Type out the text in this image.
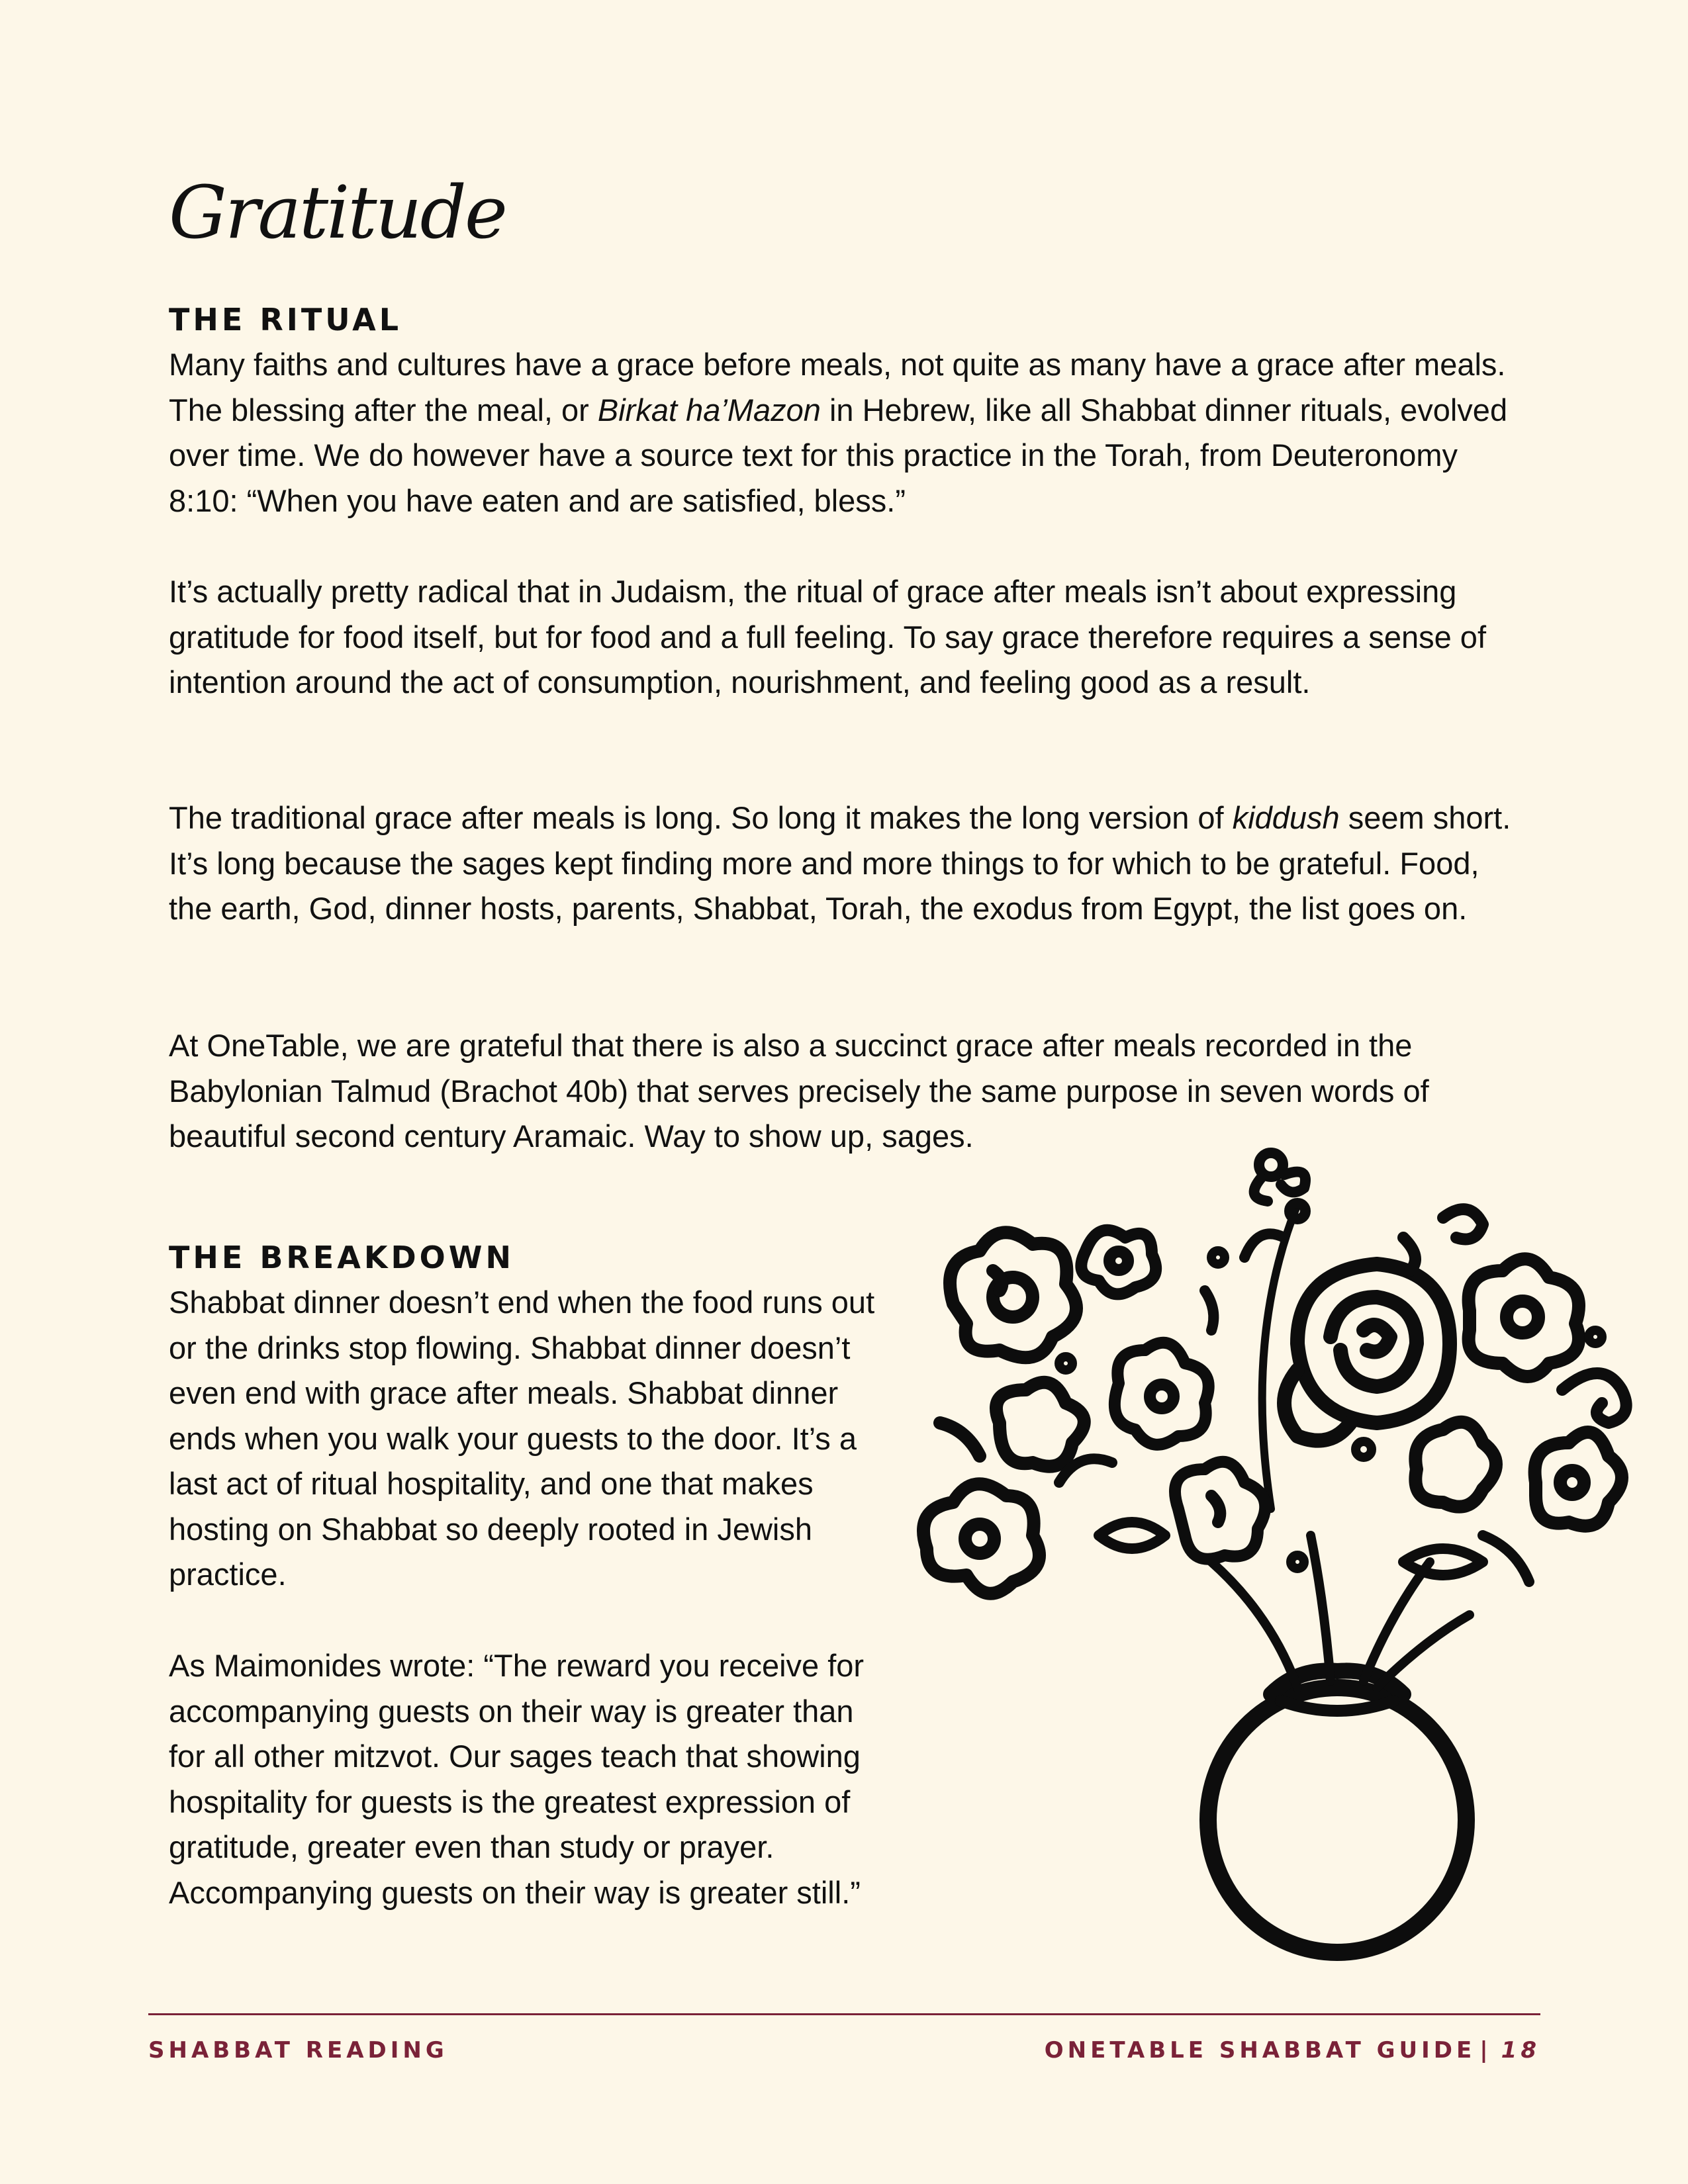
Gratitude
THE RITUAL

Many faiths and cultures have a grace before meals, not quite as many have a grace after meals. The blessing after the meal, or Birkat ha’Mazon in Hebrew, like all Shabbat dinner rituals, evolved over time. We do however have a source text for this practice in the Torah, from Deuteronomy 8:10: “When you have eaten and are satisfied, bless.”

It’s actually pretty radical that in Judaism, the ritual of grace after meals isn’t about expressing gratitude for food itself, but for food and a full feeling. To say grace therefore requires a sense of intention around the act of consumption, nourishment, and feeling good as a result.

The traditional grace after meals is long. So long it makes the long version of kiddush seem short. It’s long because the sages kept finding more and more things to for which to be grateful. Food, the earth, God, dinner hosts, parents, Shabbat, Torah, the exodus from Egypt, the list goes on.

At OneTable, we are grateful that there is also a succinct grace after meals recorded in the Babylonian Talmud (Brachot 40b) that serves precisely the same purpose in seven words of beautiful second century Aramaic. Way to show up, sages.

THE BREAKDOWN

Shabbat dinner doesn’t end when the food runs out or the drinks stop flowing. Shabbat dinner doesn’t even end with grace after meals. Shabbat dinner ends when you walk your guests to the door. It’s a last act of ritual hospitality, and one that makes hosting on Shabbat so deeply rooted in Jewish practice.

As Maimonides wrote: “The reward you receive for accompanying guests on their way is greater than for all other mitzvot. Our sages teach that showing hospitality for guests is the greatest expression of gratitude, greater even than study or prayer. Accompanying guests on their way is greater still.”

SHABBAT READING	ONETABLE SHABBAT GUIDE | 18
